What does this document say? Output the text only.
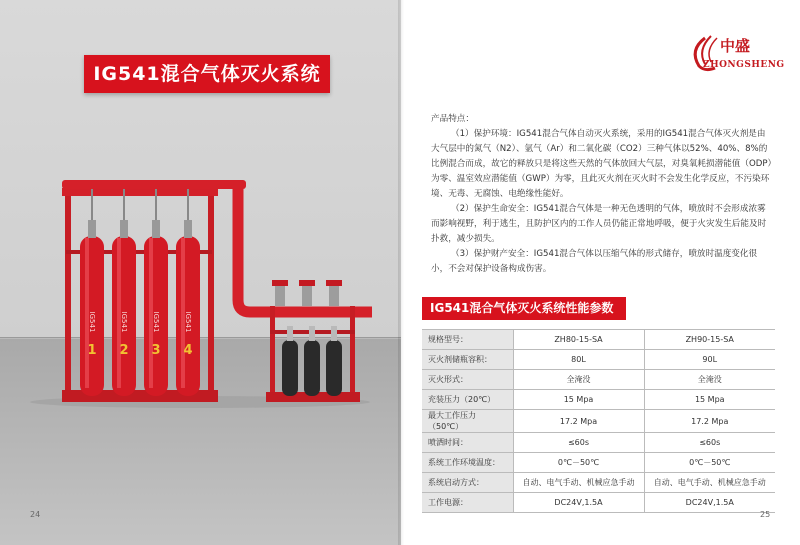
IG541	IG541	IG541	IG541
1	2	3	4
IG541混合气体灭火系统
24
中盛
ZHONGSHENG

产品特点：

（1）保护环境：IG541混合气体自动灭火系统，采用的IG541混合气体灭火剂是由大气层中的氮气（N2）、氩气（Ar）和二氧化碳（CO2）三种气体以52%、40%、8%的比例混合而成，故它的释放只是将这些天然的气体放回大气层，对臭氧耗损潜能值（ODP）为零、温室效应潜能值（GWP）为零，且此灭火剂在灭火时不会发生化学反应，不污染环境、无毒、无腐蚀、电绝缘性能好。

（2）保护生命安全：IG541混合气体是一种无色透明的气体，喷放时不会形成浓雾而影响视野，利于逃生，且防护区内的工作人员仍能正常地呼吸，便于火灾发生后能及时扑救，减少损失。

（3）保护财产安全：IG541混合气体以压缩气体的形式储存，喷放时温度变化很小，不会对保护设备构成伤害。

IG541混合气体灭火系统性能参数
规格型号：	ZH80-15-SA	ZH90-15-SA
灭火剂储瓶容积：	80L	90L
灭火形式：	全淹没	全淹没
充装压力（20℃）	15 Mpa	15 Mpa
最大工作压力（50℃）	17.2 Mpa	17.2 Mpa
喷洒时间：	≤60s	≤60s
系统工作环境温度：	0℃－50℃	0℃－50℃
系统启动方式：	自动、电气手动、机械应急手动	自动、电气手动、机械应急手动
工作电源：	DC24V,1.5A	DC24V,1.5A
25
